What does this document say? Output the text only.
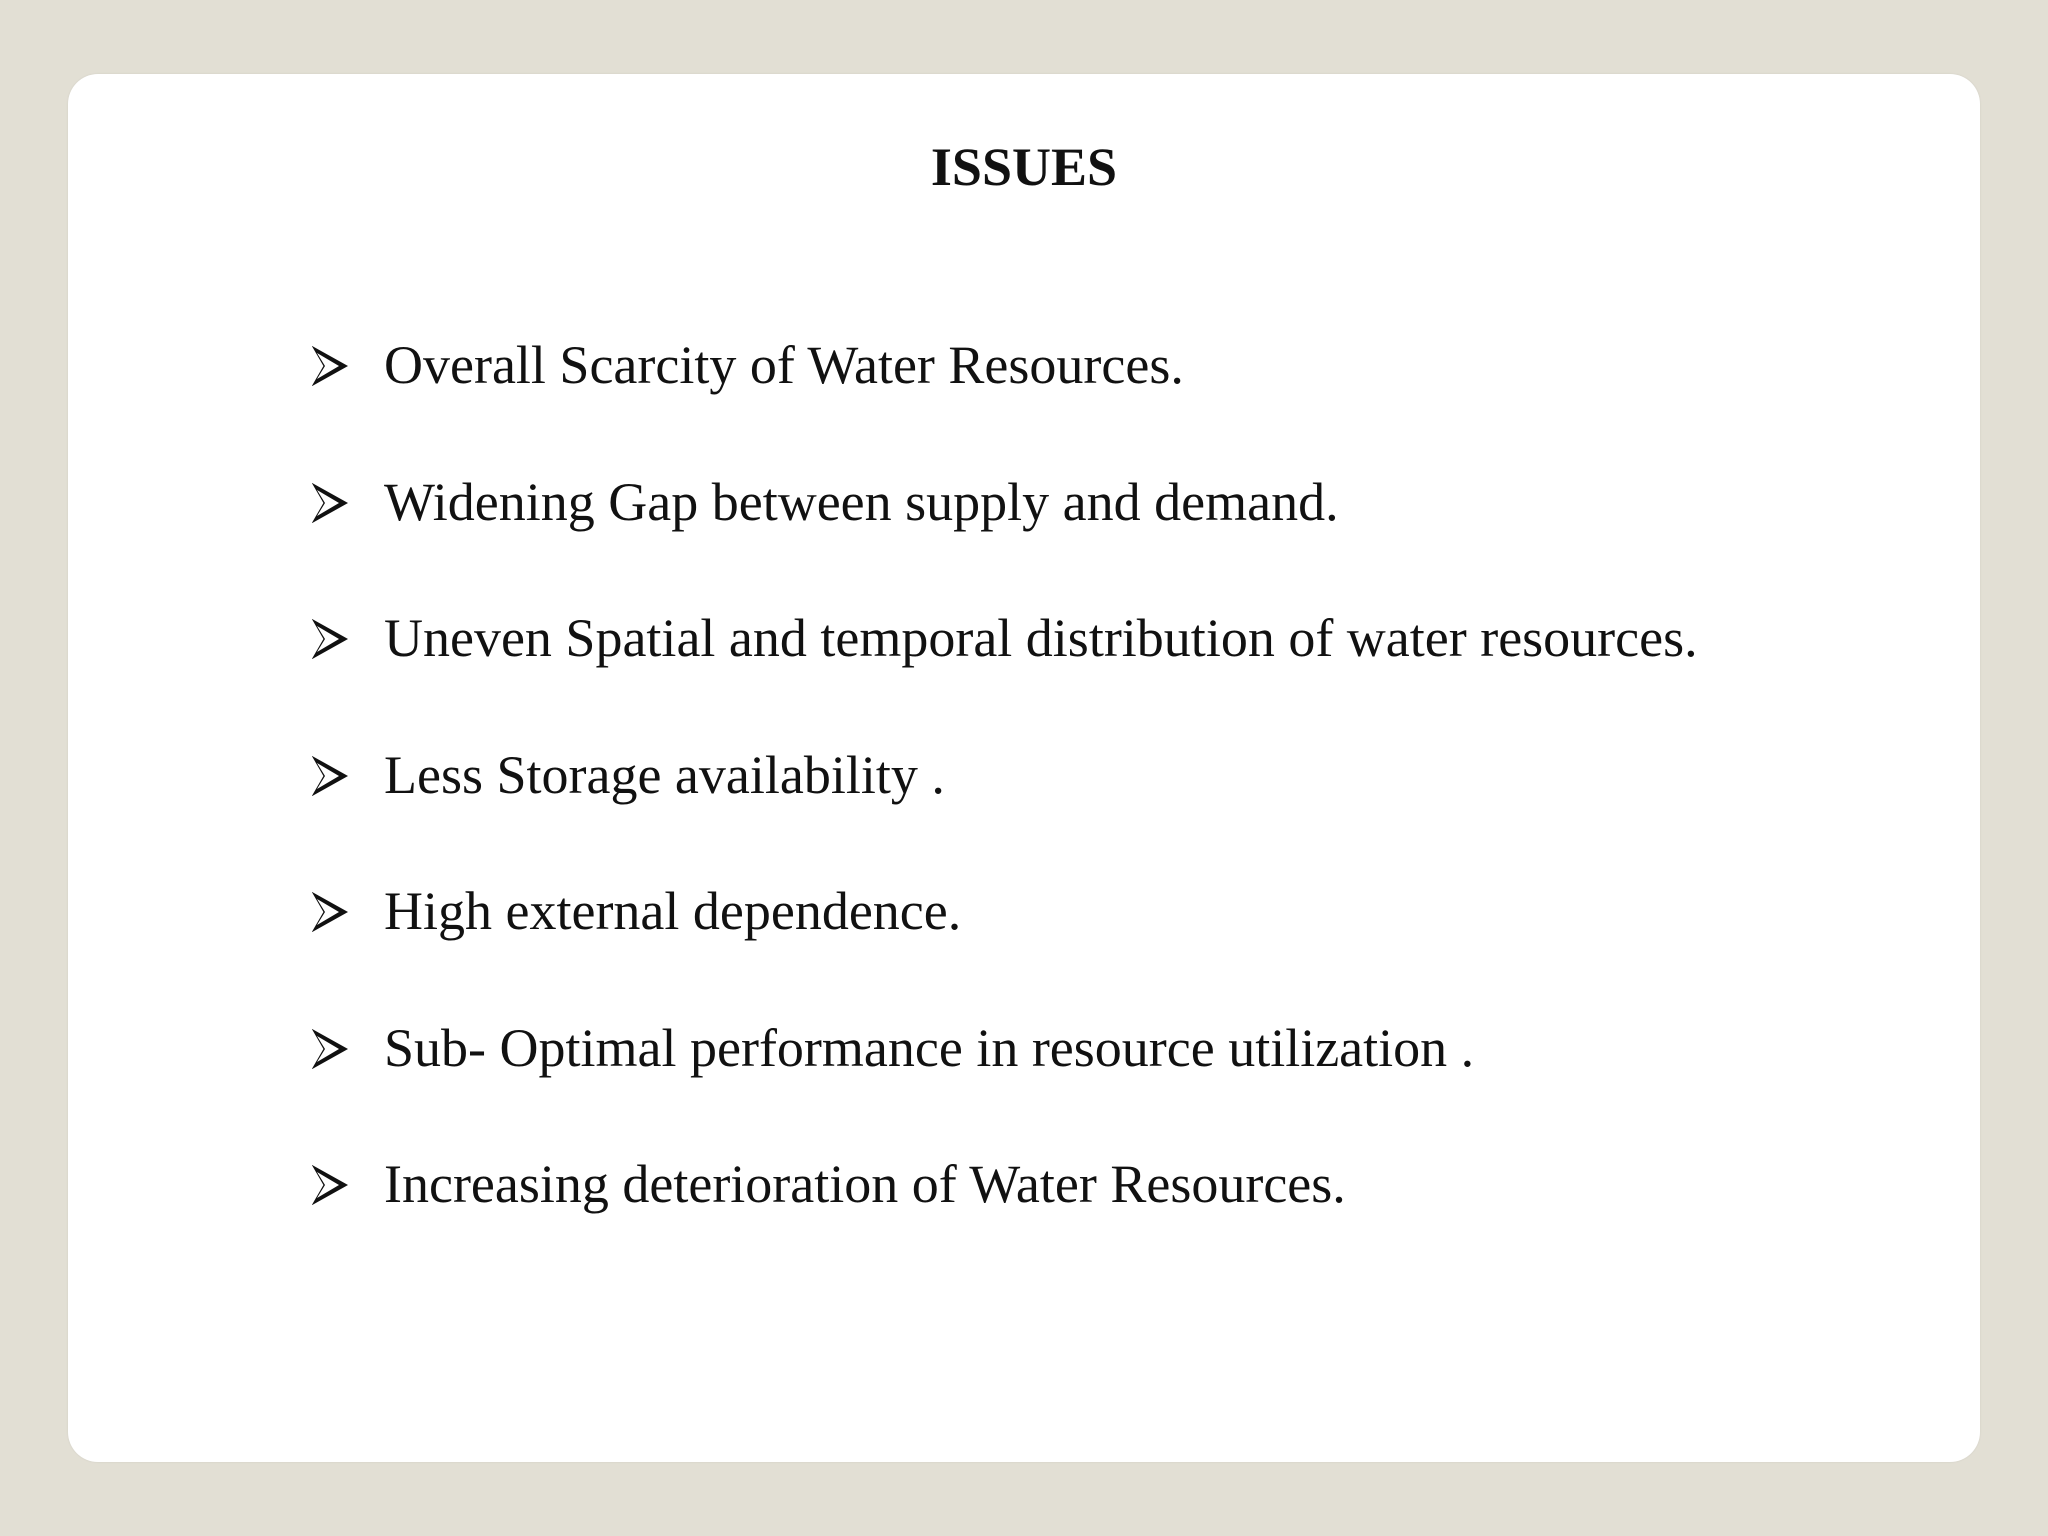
ISSUES
Overall Scarcity of Water Resources.
Widening Gap between supply and demand.
Uneven Spatial and temporal distribution of water resources.
Less Storage availability .
High external dependence.
Sub- Optimal performance in resource utilization .
Increasing deterioration of Water Resources.
